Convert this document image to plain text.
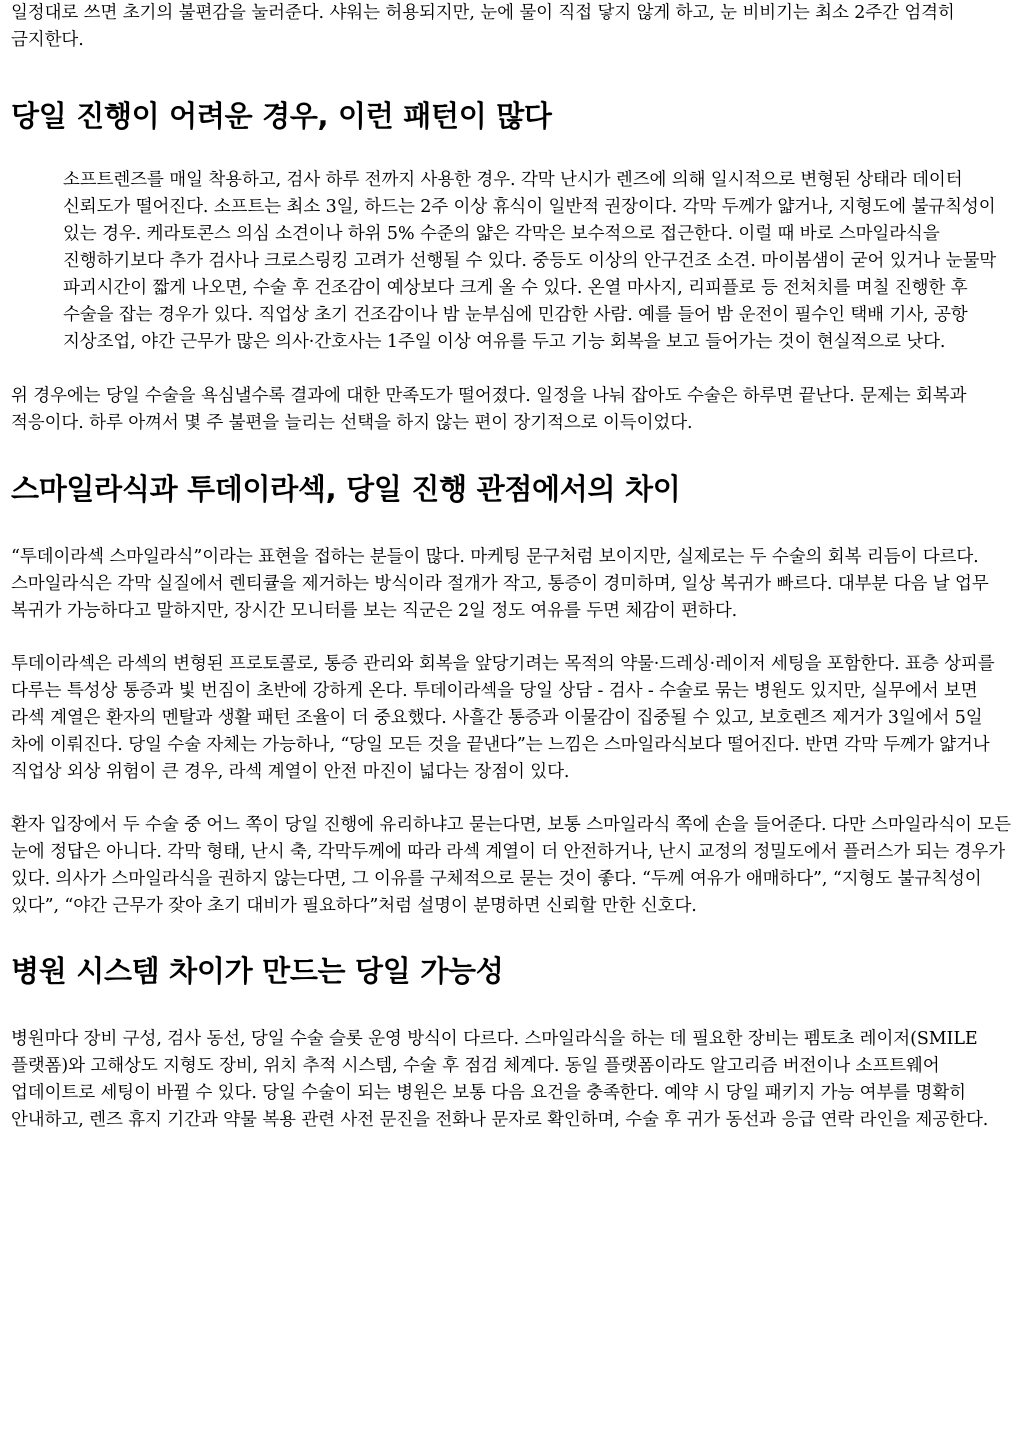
일정대로 쓰면 초기의 불편감을 눌러준다. 샤워는 허용되지만, 눈에 물이 직접 닿지 않게 하고, 눈 비비기는 최소 2주간 엄격히 금지한다.

당일 진행이 어려운 경우, 이런 패턴이 많다

소프트렌즈를 매일 착용하고, 검사 하루 전까지 사용한 경우. 각막 난시가 렌즈에 의해 일시적으로 변형된 상태라 데이터 신뢰도가 떨어진다. 소프트는 최소 3일, 하드는 2주 이상 휴식이 일반적 권장이다. 각막 두께가 얇거나, 지형도에 불규칙성이 있는 경우. 케라토콘스 의심 소견이나 하위 5% 수준의 얇은 각막은 보수적으로 접근한다. 이럴 때 바로 스마일라식을 진행하기보다 추가 검사나 크로스링킹 고려가 선행될 수 있다. 중등도 이상의 안구건조 소견. 마이봄샘이 굳어 있거나 눈물막 파괴시간이 짧게 나오면, 수술 후 건조감이 예상보다 크게 올 수 있다. 온열 마사지, 리피플로 등 전처치를 며칠 진행한 후 수술을 잡는 경우가 있다. 직업상 초기 건조감이나 밤 눈부심에 민감한 사람. 예를 들어 밤 운전이 필수인 택배 기사, 공항 지상조업, 야간 근무가 많은 의사·간호사는 1주일 이상 여유를 두고 기능 회복을 보고 들어가는 것이 현실적으로 낫다.

위 경우에는 당일 수술을 욕심낼수록 결과에 대한 만족도가 떨어졌다. 일정을 나눠 잡아도 수술은 하루면 끝난다. 문제는 회복과 적응이다. 하루 아껴서 몇 주 불편을 늘리는 선택을 하지 않는 편이 장기적으로 이득이었다.

스마일라식과 투데이라섹, 당일 진행 관점에서의 차이

“투데이라섹 스마일라식”이라는 표현을 접하는 분들이 많다. 마케팅 문구처럼 보이지만, 실제로는 두 수술의 회복 리듬이 다르다. 스마일라식은 각막 실질에서 렌티큘을 제거하는 방식이라 절개가 작고, 통증이 경미하며, 일상 복귀가 빠르다. 대부분 다음 날 업무 복귀가 가능하다고 말하지만, 장시간 모니터를 보는 직군은 2일 정도 여유를 두면 체감이 편하다.

투데이라섹은 라섹의 변형된 프로토콜로, 통증 관리와 회복을 앞당기려는 목적의 약물·드레싱·레이저 세팅을 포함한다. 표층 상피를 다루는 특성상 통증과 빛 번짐이 초반에 강하게 온다. 투데이라섹을 당일 상담 - 검사 - 수술로 묶는 병원도 있지만, 실무에서 보면 라섹 계열은 환자의 멘탈과 생활 패턴 조율이 더 중요했다. 사흘간 통증과 이물감이 집중될 수 있고, 보호렌즈 제거가 3일에서 5일 차에 이뤄진다. 당일 수술 자체는 가능하나, “당일 모든 것을 끝낸다”는 느낌은 스마일라식보다 떨어진다. 반면 각막 두께가 얇거나 직업상 외상 위험이 큰 경우, 라섹 계열이 안전 마진이 넓다는 장점이 있다.

환자 입장에서 두 수술 중 어느 쪽이 당일 진행에 유리하냐고 묻는다면, 보통 스마일라식 쪽에 손을 들어준다. 다만 스마일라식이 모든 눈에 정답은 아니다. 각막 형태, 난시 축, 각막두께에 따라 라섹 계열이 더 안전하거나, 난시 교정의 정밀도에서 플러스가 되는 경우가 있다. 의사가 스마일라식을 권하지 않는다면, 그 이유를 구체적으로 묻는 것이 좋다. “두께 여유가 애매하다”, “지형도 불규칙성이 있다”, “야간 근무가 잦아 초기 대비가 필요하다”처럼 설명이 분명하면 신뢰할 만한 신호다.

병원 시스템 차이가 만드는 당일 가능성

병원마다 장비 구성, 검사 동선, 당일 수술 슬롯 운영 방식이 다르다. 스마일라식을 하는 데 필요한 장비는 펨토초 레이저(SMILE 플랫폼)와 고해상도 지형도 장비, 위치 추적 시스템, 수술 후 점검 체계다. 동일 플랫폼이라도 알고리즘 버전이나 소프트웨어 업데이트로 세팅이 바뀔 수 있다. 당일 수술이 되는 병원은 보통 다음 요건을 충족한다. 예약 시 당일 패키지 가능 여부를 명확히 안내하고, 렌즈 휴지 기간과 약물 복용 관련 사전 문진을 전화나 문자로 확인하며, 수술 후 귀가 동선과 응급 연락 라인을 제공한다.
